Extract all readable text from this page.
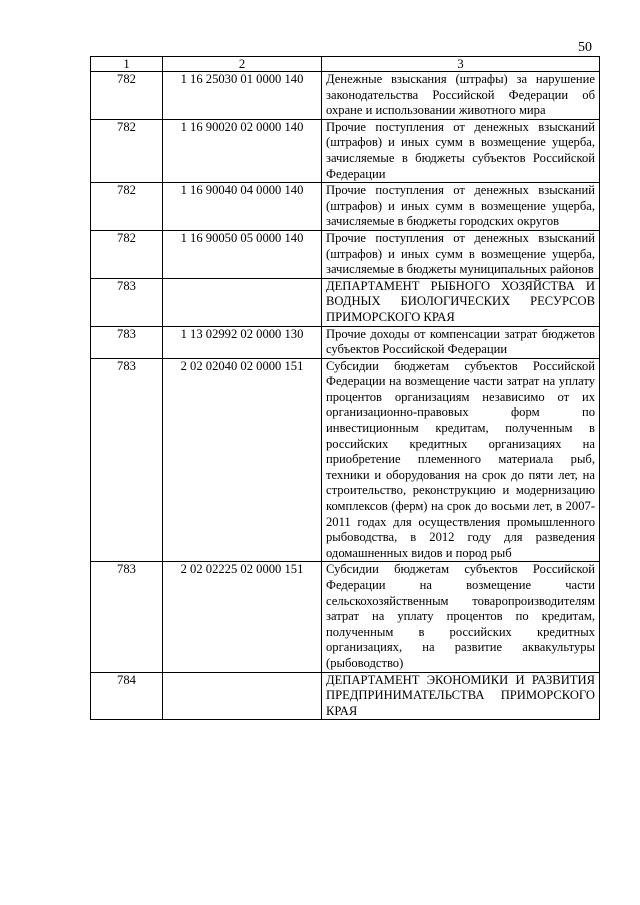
50
1	2	3
782	1 16 25030 01 0000 140	Денежные взыскания (штрафы) за нарушение законодательства Российской Федерации об охране и использовании животного мира
782	1 16 90020 02 0000 140	Прочие поступления от денежных взысканий (штрафов) и иных сумм в возмещение ущерба, зачисляемые в бюджеты субъектов Российской Федерации
782	1 16 90040 04 0000 140	Прочие поступления от денежных взысканий (штрафов) и иных сумм в возмещение ущерба, зачисляемые в бюджеты городских округов
782	1 16 90050 05 0000 140	Прочие поступления от денежных взысканий (штрафов) и иных сумм в возмещение ущерба, зачисляемые в бюджеты муниципальных районов
783		ДЕПАРТАМЕНТ РЫБНОГО ХОЗЯЙСТВА И ВОДНЫХ БИОЛОГИЧЕСКИХ РЕСУРСОВ ПРИМОРСКОГО КРАЯ
783	1 13 02992 02 0000 130	Прочие доходы от компенсации затрат бюджетов субъектов Российской Федерации
783	2 02 02040 02 0000 151	Субсидии бюджетам субъектов Российской Федерации на возмещение части затрат на уплату процентов организациям независимо от их организационно-правовых форм по инвестиционным кредитам, полученным в российских кредитных организациях на приобретение племенного материала рыб, техники и оборудования на срок до пяти лет, на строительство, реконструкцию и модернизацию комплексов (ферм) на срок до восьми лет, в 2007-2011 годах для осуществления промышленного рыбоводства, в 2012 году для разведения одомашненных видов и пород рыб
783	2 02 02225 02 0000 151	Субсидии бюджетам субъектов Российской Федерации на возмещение части сельскохозяйственным товаропроизводителям затрат на уплату процентов по кредитам, полученным в российских кредитных организациях, на развитие аквакультуры (рыбоводство)
784		ДЕПАРТАМЕНТ ЭКОНОМИКИ И РАЗВИТИЯ ПРЕДПРИНИМАТЕЛЬСТВА ПРИМОРСКОГО КРАЯ
